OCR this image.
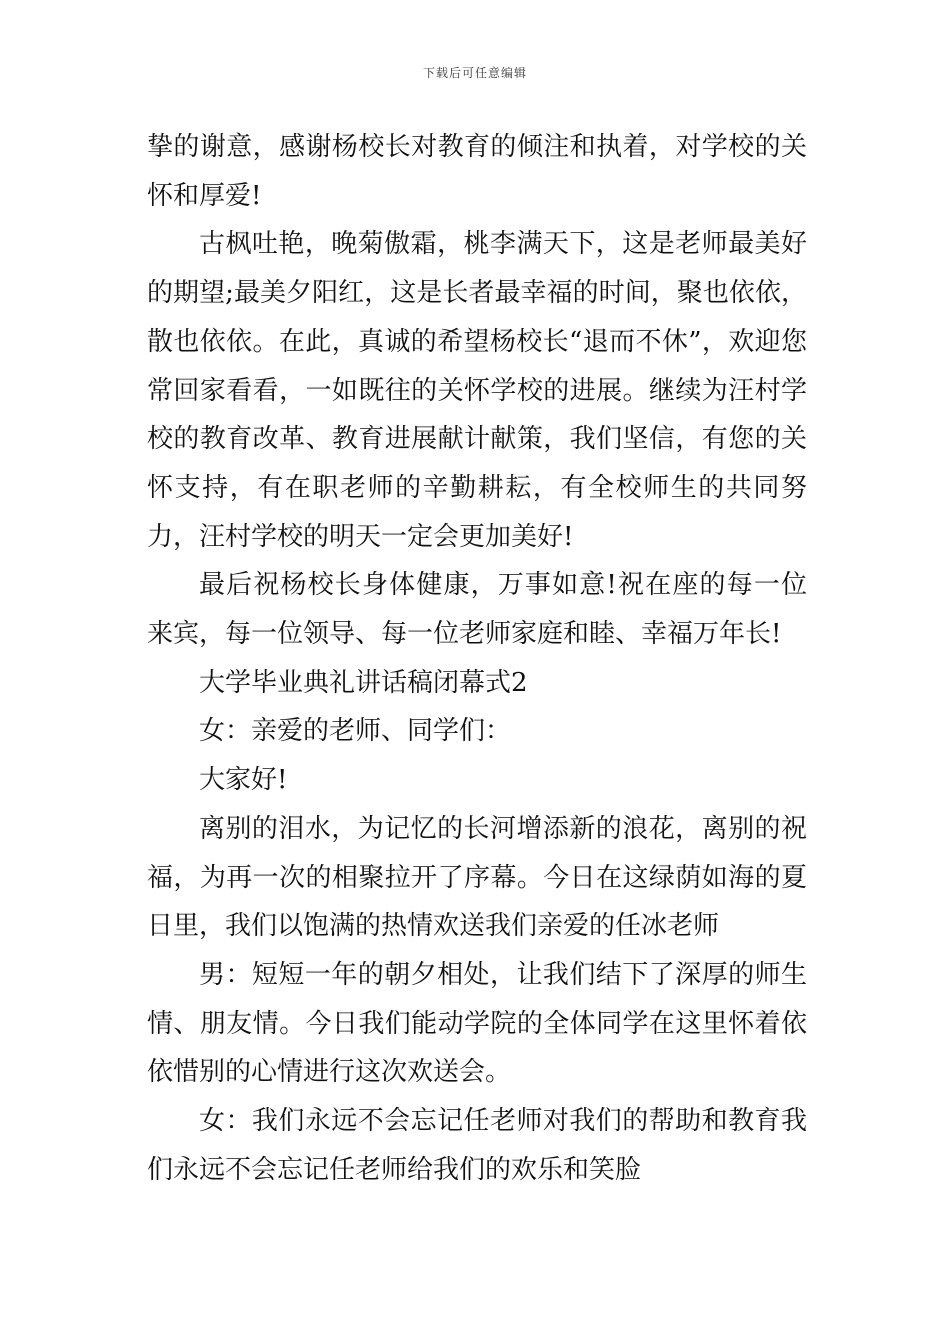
下载后可任意编辑

挚的谢意，感谢杨校长对教育的倾注和执着，对学校的关怀和厚爱!

古枫吐艳，晚菊傲霜，桃李满天下，这是老师最美好的期望;最美夕阳红，这是长者最幸福的时间，聚也依依，散也依依。在此，真诚的希望杨校长“退而不休”，欢迎您常回家看看，一如既往的关怀学校的进展。继续为汪村学校的教育改革、教育进展献计献策，我们坚信，有您的关怀支持，有在职老师的辛勤耕耘，有全校师生的共同努力，汪村学校的明天一定会更加美好!

最后祝杨校长身体健康，万事如意!祝在座的每一位来宾，每一位领导、每一位老师家庭和睦、幸福万年长!

大学毕业典礼讲话稿闭幕式2

女：亲爱的老师、同学们：

大家好!

离别的泪水，为记忆的长河增添新的浪花，离别的祝福，为再一次的相聚拉开了序幕。今日在这绿荫如海的夏日里，我们以饱满的热情欢送我们亲爱的任冰老师

男：短短一年的朝夕相处，让我们结下了深厚的师生情、朋友情。今日我们能动学院的全体同学在这里怀着依依惜别的心情进行这次欢送会。

女：我们永远不会忘记任老师对我们的帮助和教育我们永远不会忘记任老师给我们的欢乐和笑脸
